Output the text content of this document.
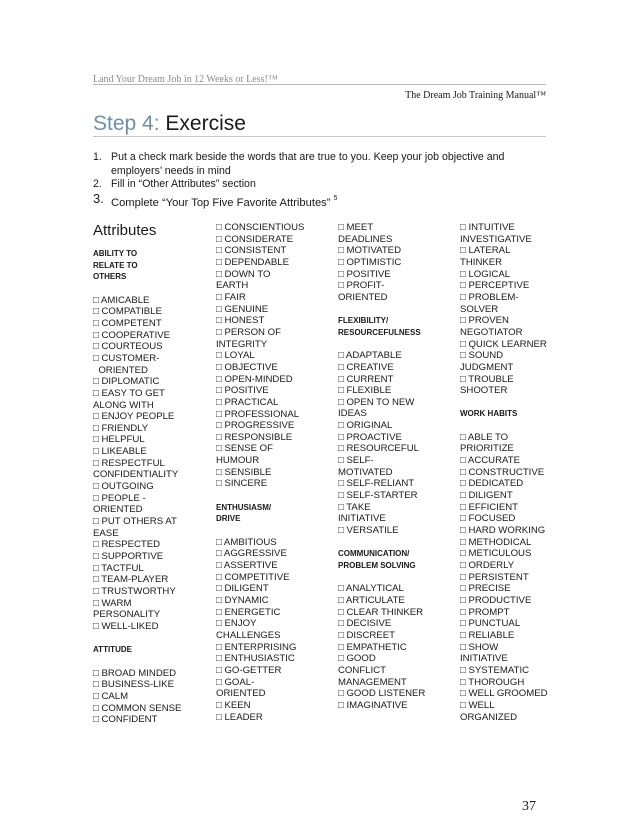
Land Your Dream Job in 12 Weeks or Less!™
The Dream Job Training Manual™
Step 4: Exercise
1. Put a check mark beside the words that are true to you. Keep your job objective and employers’ needs in mind
2. Fill in “Other Attributes” section
3. Complete “Your Top Five Favorite Attributes” $^5$
Attributes
ABILITY TO
RELATE TO
OTHERS
□ AMICABLE
□ COMPATIBLE
□ COMPETENT
□ COOPERATIVE
□ COURTEOUS
□ CUSTOMER-
ORIENTED
□ DIPLOMATIC
□ EASY TO GET
ALONG WITH
□ ENJOY PEOPLE
□ FRIENDLY
□ HELPFUL
□ LIKEABLE
□ RESPECTFUL
CONFIDENTIALITY
□ OUTGOING
□ PEOPLE -
ORIENTED
□ PUT OTHERS AT
EASE
□ RESPECTED
□ SUPPORTIVE
□ TACTFUL
□ TEAM-PLAYER
□ TRUSTWORTHY
□ WARM
PERSONALITY
□ WELL-LIKED
ATTITUDE
□ BROAD MINDED
□ BUSINESS-LIKE
□ CALM
□ COMMON SENSE
□ CONFIDENT
□ CONSCIENTIOUS
□ CONSIDERATE
□ CONSISTENT
□ DEPENDABLE
□ DOWN TO
EARTH
□ FAIR
□ GENUINE
□ HONEST
□ PERSON OF
INTEGRITY
□ LOYAL
□ OBJECTIVE
□ OPEN-MINDED
□ POSITIVE
□ PRACTICAL
□ PROFESSIONAL
□ PROGRESSIVE
□ RESPONSIBLE
□ SENSE OF
HUMOUR
□ SENSIBLE
□ SINCERE
ENTHUSIASM/
DRIVE
□ AMBITIOUS
□ AGGRESSIVE
□ ASSERTIVE
□ COMPETITIVE
□ DILIGENT
□ DYNAMIC
□ ENERGETIC
□ ENJOY
CHALLENGES
□ ENTERPRISING
□ ENTHUSIASTIC
□ GO-GETTER
□ GOAL-
ORIENTED
□ KEEN
□ LEADER
□ MEET
DEADLINES
□ MOTIVATED
□ OPTIMISTIC
□ POSITIVE
□ PROFIT-
ORIENTED
FLEXIBILITY/
RESOURCEFULNESS
□ ADAPTABLE
□ CREATIVE
□ CURRENT
□ FLEXIBLE
□ OPEN TO NEW
IDEAS
□ ORIGINAL
□ PROACTIVE
□ RESOURCEFUL
□ SELF-
MOTIVATED
□ SELF-RELIANT
□ SELF-STARTER
□ TAKE
INITIATIVE
□ VERSATILE
COMMUNICATION/
PROBLEM SOLVING
□ ANALYTICAL
□ ARTICULATE
□ CLEAR THINKER
□ DECISIVE
□ DISCREET
□ EMPATHETIC
□ GOOD
CONFLICT
MANAGEMENT
□ GOOD LISTENER
□ IMAGINATIVE
□ INTUITIVE
INVESTIGATIVE
□ LATERAL
THINKER
□ LOGICAL
□ PERCEPTIVE
□ PROBLEM-
SOLVER
□ PROVEN
NEGOTIATOR
□ QUICK LEARNER
□ SOUND
JUDGMENT
□ TROUBLE
SHOOTER
WORK HABITS
□ ABLE TO
PRIORITIZE
□ ACCURATE
□ CONSTRUCTIVE
□ DEDICATED
□ DILIGENT
□ EFFICIENT
□ FOCUSED
□ HARD WORKING
□ METHODICAL
□ METICULOUS
□ ORDERLY
□ PERSISTENT
□ PRECISE
□ PRODUCTIVE
□ PROMPT
□ PUNCTUAL
□ RELIABLE
□ SHOW
INITIATIVE
□ SYSTEMATIC
□ THOROUGH
□ WELL GROOMED
□ WELL
ORGANIZED
37
